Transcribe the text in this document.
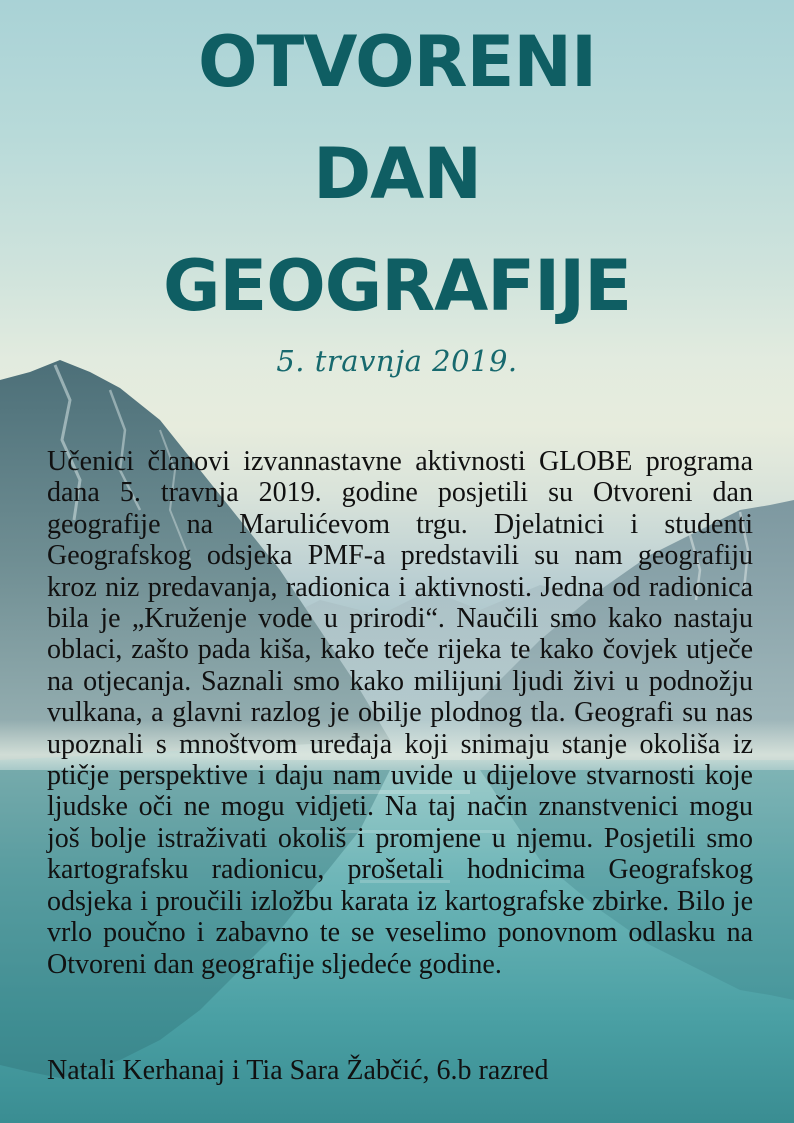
OTVORENI
DAN
GEOGRAFIJE
5. travnja 2019.

Učenici članovi izvannastavne aktivnosti GLOBE programa dana 5. travnja 2019. godine posjetili su Otvoreni dan geografije na Marulićevom trgu. Djelatnici i studenti Geografskog odsjeka PMF-a predstavili su nam geografiju kroz niz predavanja, radionica i aktivnosti. Jedna od radionica bila je „Kruženje vode u prirodi“. Naučili smo kako nastaju oblaci, zašto pada kiša, kako teče rijeka te kako čovjek utječe na otjecanja. Saznali smo kako milijuni ljudi živi u podnožju vulkana, a glavni razlog je obilje plodnog tla. Geografi su nas upoznali s mnoštvom uređaja koji snimaju stanje okoliša iz ptičje perspektive i daju nam uvide u dijelove stvarnosti koje ljudske oči ne mogu vidjeti. Na taj način znanstvenici mogu još bolje istraživati okoliš i promjene u njemu. Posjetili smo kartografsku radionicu, prošetali hodnicima Geografskog odsjeka i proučili izložbu karata iz kartografske zbirke. Bilo je vrlo poučno i zabavno te se veselimo ponovnom odlasku na Otvoreni dan geografije sljedeće godine.

Natali Kerhanaj i Tia Sara Žabčić, 6.b razred
